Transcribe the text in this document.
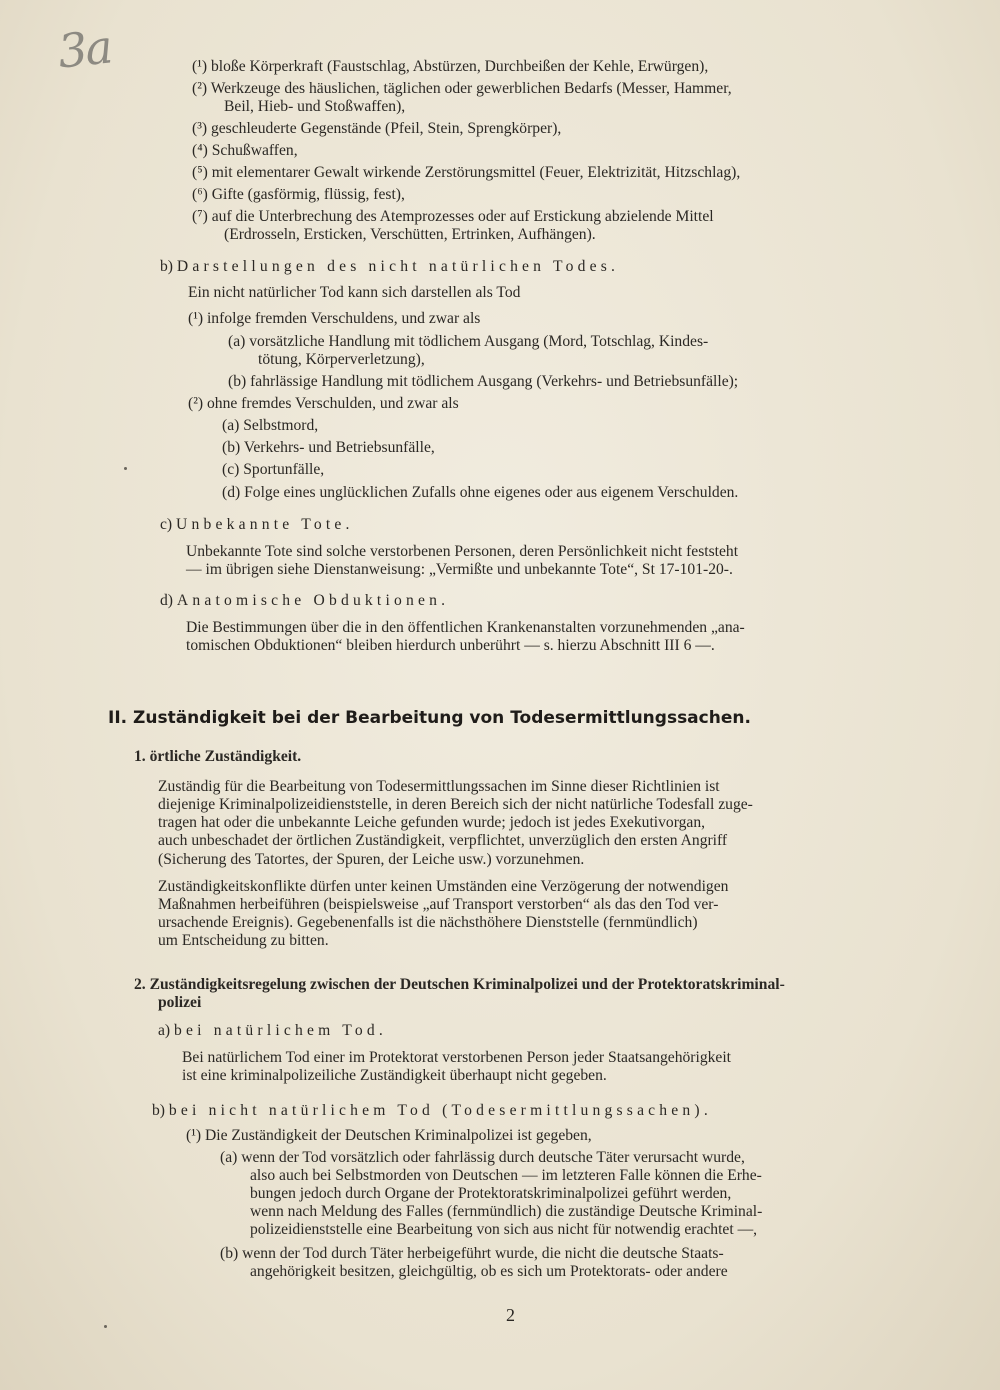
3a	(¹) bloße Körperkraft (Faustschlag, Abstürzen, Durchbeißen der Kehle, Erwürgen),
(²) Werkzeuge des häuslichen, täglichen oder gewerblichen Bedarfs (Messer, Hammer,
Beil, Hieb- und Stoßwaffen),
(³) geschleuderte Gegenstände (Pfeil, Stein, Sprengkörper),
(⁴) Schußwaffen,
(⁵) mit elementarer Gewalt wirkende Zerstörungsmittel (Feuer, Elektrizität, Hitzschlag),
(⁶) Gifte (gasförmig, flüssig, fest),
(⁷) auf die Unterbrechung des Atemprozesses oder auf Erstickung abzielende Mittel
(Erdrosseln, Ersticken, Verschütten, Ertrinken, Aufhängen).
b) Darstellungen des nicht natürlichen Todes.
Ein nicht natürlicher Tod kann sich darstellen als Tod
(¹) infolge fremden Verschuldens, und zwar als
(a) vorsätzliche Handlung mit tödlichem Ausgang (Mord, Totschlag, Kindes-
tötung, Körperverletzung),
(b) fahrlässige Handlung mit tödlichem Ausgang (Verkehrs- und Betriebsunfälle);
(²) ohne fremdes Verschulden, und zwar als
(a) Selbstmord,
(b) Verkehrs- und Betriebsunfälle,
(c) Sportunfälle,
(d) Folge eines unglücklichen Zufalls ohne eigenes oder aus eigenem Verschulden.
c) Unbekannte Tote.
Unbekannte Tote sind solche verstorbenen Personen, deren Persönlichkeit nicht feststeht
— im übrigen siehe Dienstanweisung: „Vermißte und unbekannte Tote“, St 17-101-20-.
d) Anatomische Obduktionen.
Die Bestimmungen über die in den öffentlichen Krankenanstalten vorzunehmenden „ana-
tomischen Obduktionen“ bleiben hierdurch unberührt — s. hierzu Abschnitt III 6 —.
II. Zuständigkeit bei der Bearbeitung von Todesermittlungssachen.
1. örtliche Zuständigkeit.
Zuständig für die Bearbeitung von Todesermittlungssachen im Sinne dieser Richtlinien ist
diejenige Kriminalpolizeidienststelle, in deren Bereich sich der nicht natürliche Todesfall zuge-
tragen hat oder die unbekannte Leiche gefunden wurde; jedoch ist jedes Exekutivorgan,
auch unbeschadet der örtlichen Zuständigkeit, verpflichtet, unverzüglich den ersten Angriff
(Sicherung des Tatortes, der Spuren, der Leiche usw.) vorzunehmen.
Zuständigkeitskonflikte dürfen unter keinen Umständen eine Verzögerung der notwendigen
Maßnahmen herbeiführen (beispielsweise „auf Transport verstorben“ als das den Tod ver-
ursachende Ereignis). Gegebenenfalls ist die nächsthöhere Dienststelle (fernmündlich)
um Entscheidung zu bitten.
2. Zuständigkeitsregelung zwischen der Deutschen Kriminalpolizei und der Protektoratskriminal-
polizei
a) bei natürlichem Tod.
Bei natürlichem Tod einer im Protektorat verstorbenen Person jeder Staatsangehörigkeit
ist eine kriminalpolizeiliche Zuständigkeit überhaupt nicht gegeben.
b) bei nicht natürlichem Tod (Todesermittlungssachen).
(¹) Die Zuständigkeit der Deutschen Kriminalpolizei ist gegeben,
(a) wenn der Tod vorsätzlich oder fahrlässig durch deutsche Täter verursacht wurde,
also auch bei Selbstmorden von Deutschen — im letzteren Falle können die Erhe-
bungen jedoch durch Organe der Protektoratskriminalpolizei geführt werden,
wenn nach Meldung des Falles (fernmündlich) die zuständige Deutsche Kriminal-
polizeidienststelle eine Bearbeitung von sich aus nicht für notwendig erachtet —,
(b) wenn der Tod durch Täter herbeigeführt wurde, die nicht die deutsche Staats-
angehörigkeit besitzen, gleichgültig, ob es sich um Protektorats- oder andere
2
